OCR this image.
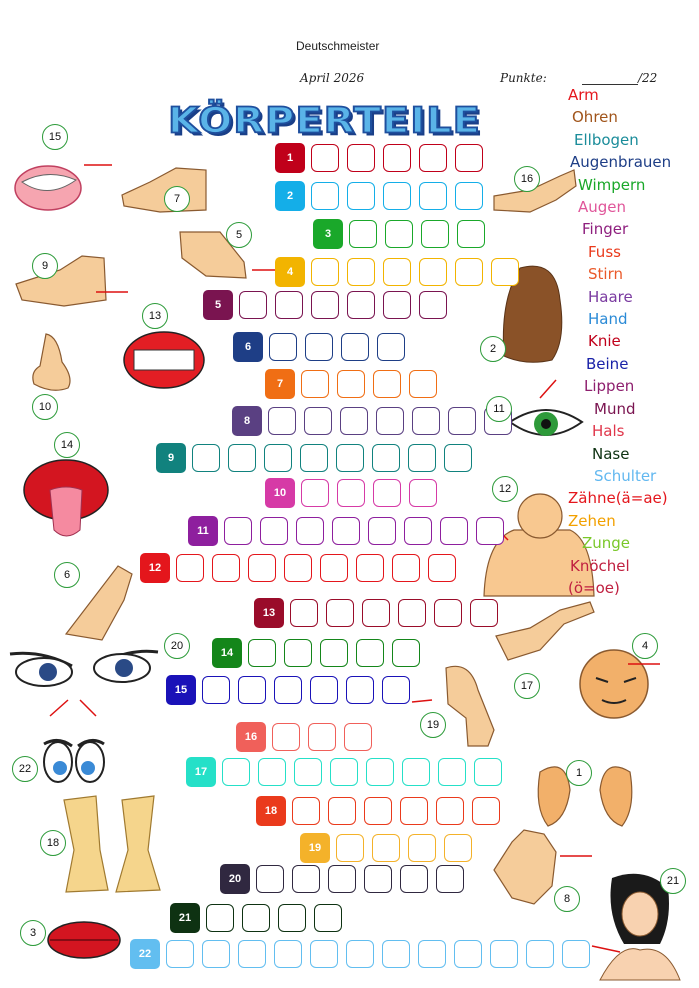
Deutschmeister
April 2026	Punkte:	/22
KÖRPERTEILE
1
2
3
4
5
6
7
8
9
10
11
12
13
14
15
16
17
18
19
20
21
22
Arm
Ohren
Ellbogen
Augenbrauen
Wimpern
Augen
Finger
Fuss
Stirn
Haare
Hand
Knie
Beine
Lippen
Mund
Hals
Nase
Schulter
Zähne(ä=ae)
Zehen
Zunge
Knöchel
(ö=oe)
15
7
5
9
16
2
13
10	11
14
12
6
20
17
4
19
22	1
18
8
21
3
